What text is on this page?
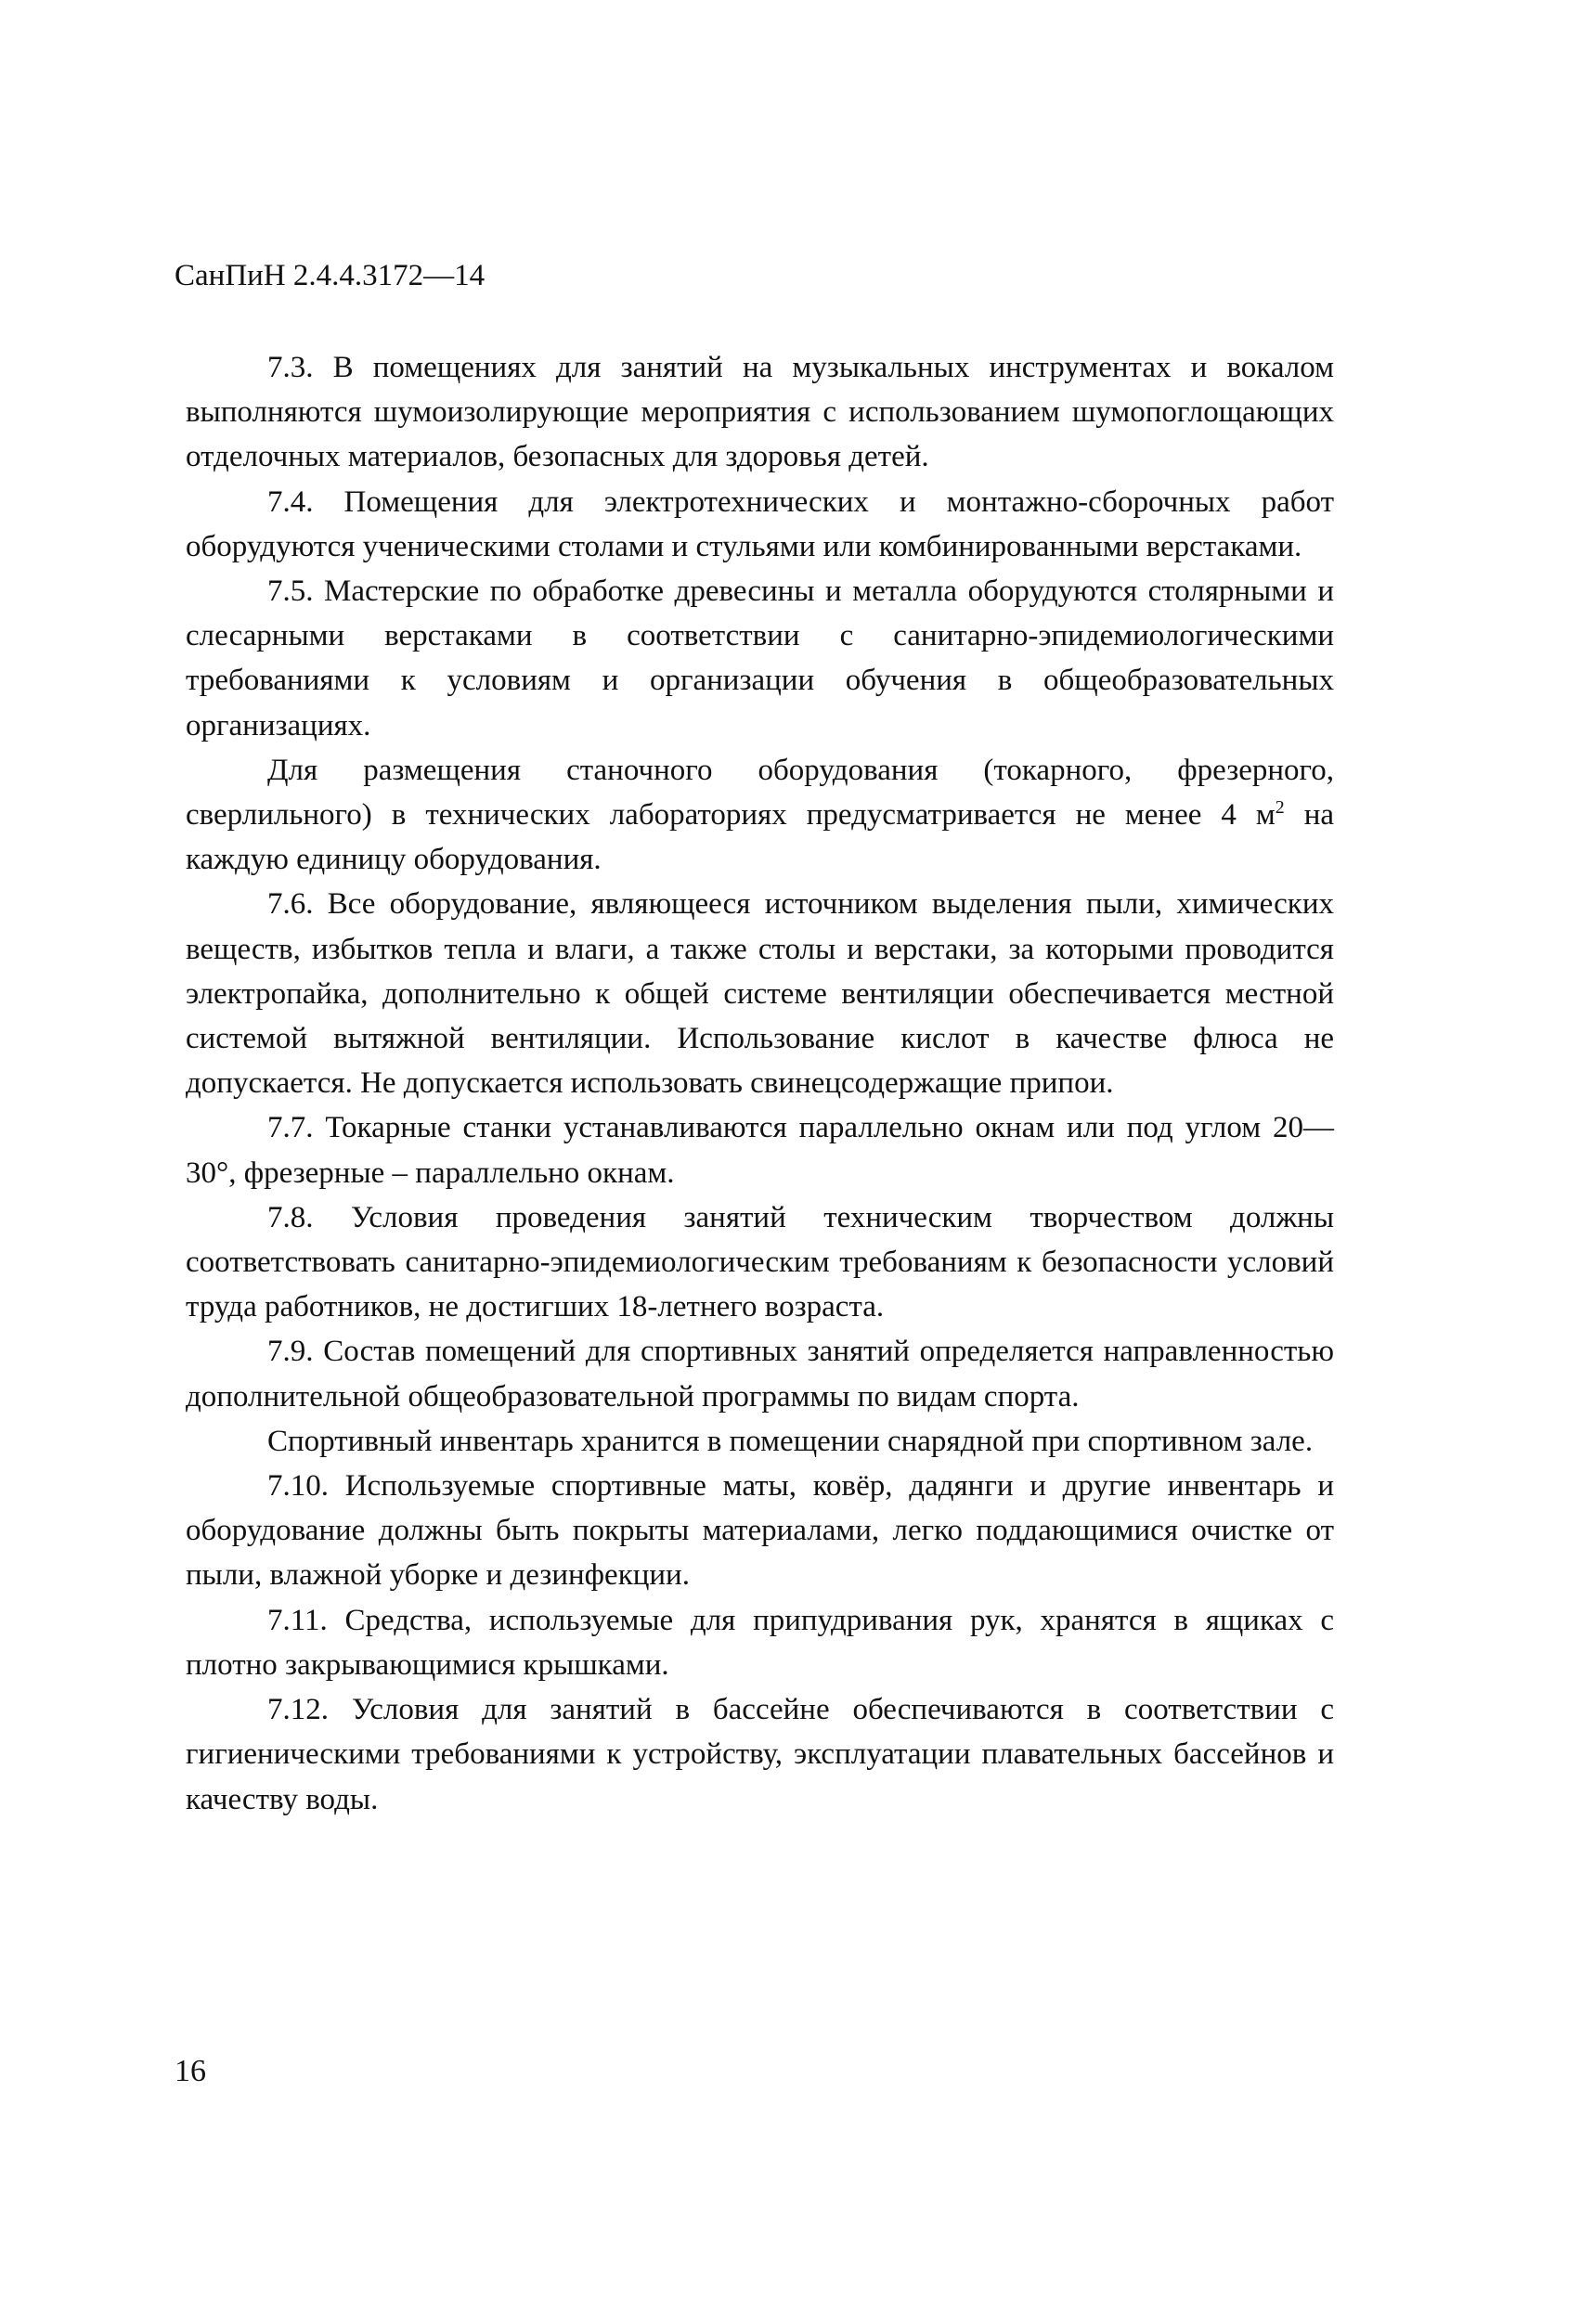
СанПиН 2.4.4.3172—14

7.3. В помещениях для занятий на музыкальных инструментах и вокалом выполняются шумоизолирующие мероприятия с использованием шумопоглощающих отделочных материалов, безопасных для здоровья детей.

7.4. Помещения для электротехнических и монтажно-сборочных работ оборудуются ученическими столами и стульями или комбинированными верстаками.

7.5. Мастерские по обработке древесины и металла оборудуются столярными и слесарными верстаками в соответствии с санитарно-эпидемиологическими требованиями к условиям и организации обучения в общеобразовательных организациях.

Для размещения станочного оборудования (токарного, фрезерного, сверлильного) в технических лабораториях предусматривается не менее 4 $м^2$ на каждую единицу оборудования.

7.6. Все оборудование, являющееся источником выделения пыли, химических веществ, избытков тепла и влаги, а также столы и верстаки, за которыми проводится электропайка, дополнительно к общей системе вентиляции обеспечивается местной системой вытяжной вентиляции. Использование кислот в качестве флюса не допускается. Не допускается использовать свинецсодержащие припои.

7.7. Токарные станки устанавливаются параллельно окнам или под углом 20—30°, фрезерные – параллельно окнам.

7.8. Условия проведения занятий техническим творчеством должны соответствовать санитарно-эпидемиологическим требованиям к безопасности условий труда работников, не достигших 18-летнего возраста.

7.9. Состав помещений для спортивных занятий определяется направленностью дополнительной общеобразовательной программы по видам спорта.

Спортивный инвентарь хранится в помещении снарядной при спортивном зале.

7.10. Используемые спортивные маты, ковёр, дадянги и другие инвентарь и оборудование должны быть покрыты материалами, легко поддающимися очистке от пыли, влажной уборке и дезинфекции.

7.11. Средства, используемые для припудривания рук, хранятся в ящиках с плотно закрывающимися крышками.

7.12. Условия для занятий в бассейне обеспечиваются в соответствии с гигиеническими требованиями к устройству, эксплуатации плавательных бассейнов и качеству воды.

16
